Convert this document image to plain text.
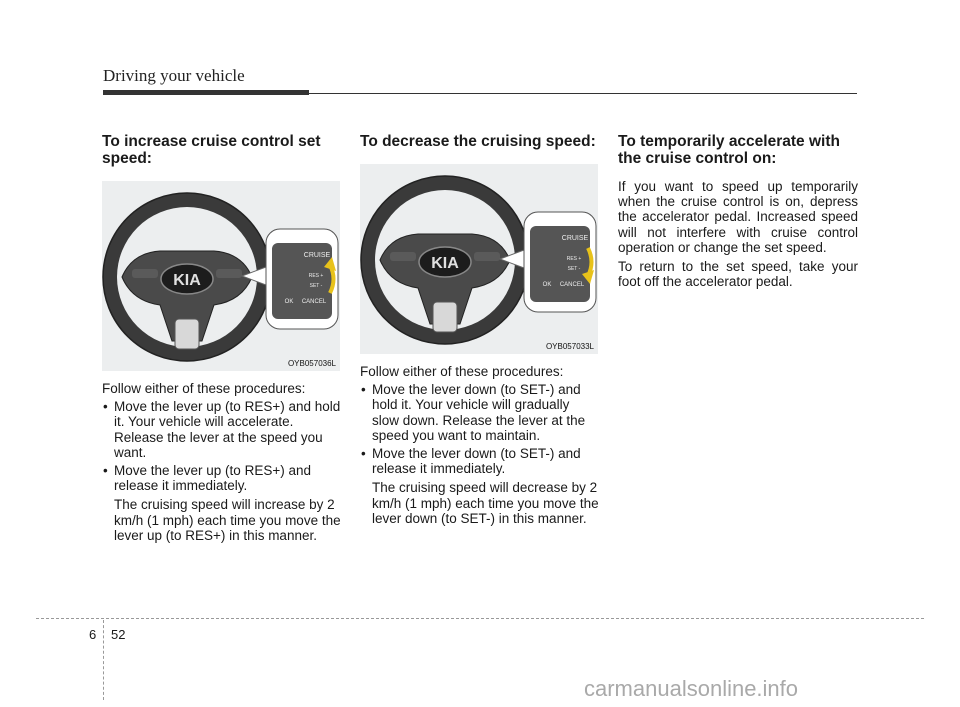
Driving your vehicle
To increase cruise control set speed:
KIA
CRUISE
RES +
SET -
OK CANCEL
OYB057036L

Follow either of these procedures:

• Move the lever up (to RES+) and hold it. Your vehicle will accelerate. Release the lever at the speed you want.
• Move the lever up (to RES+) and release it immediately.
The cruising speed will increase by 2 km/h (1 mph) each time you move the lever up (to RES+) in this manner.
To decrease the cruising speed:
KIA
CRUISE
RES +
SET -
OK CANCEL
OYB057033L

Follow either of these procedures:

• Move the lever down (to SET-) and hold it. Your vehicle will gradually slow down. Release the lever at the speed you want to maintain.
• Move the lever down (to SET-) and release it immediately.
The cruising speed will decrease by 2 km/h (1 mph) each time you move the lever down (to SET-) in this manner.
To temporarily accelerate with the cruise control on:

If you want to speed up temporarily when the cruise control is on, depress the accelerator pedal. Increased speed will not interfere with cruise control operation or change the set speed.

To return to the set speed, take your foot off the accelerator pedal.

6 52
carmanualsonline.info
